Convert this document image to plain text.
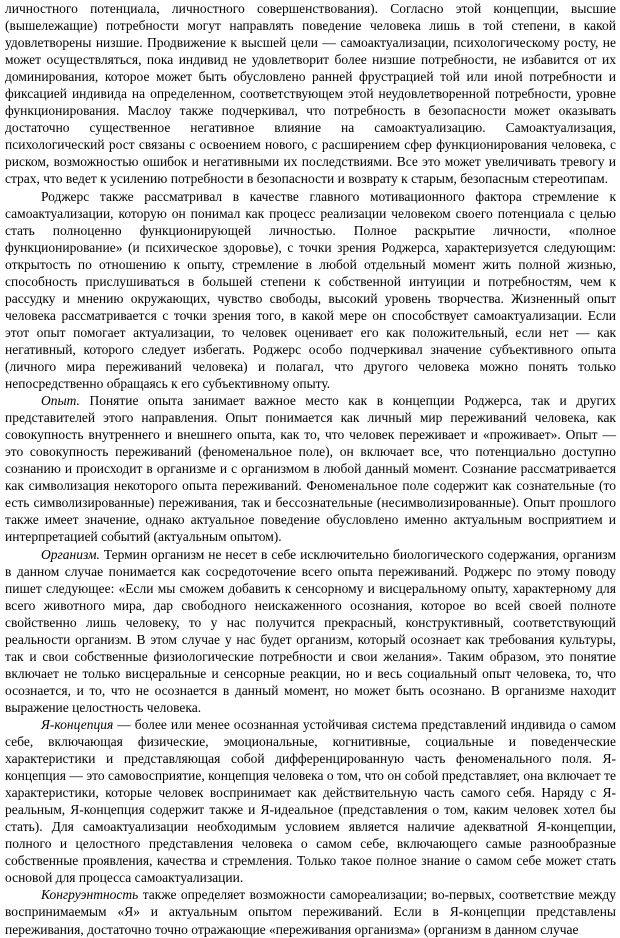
личностного потенциала, личностного совершенствования). Согласно этой концепции, высшие (вышележащие) потребности могут направлять поведение человека лишь в той степени, в какой удовлетворены низшие. Продвижение к высшей цели — самоактуализации, психологическому росту, не может осуществляться, пока индивид не удовлетворит более низшие потребности, не избавится от их доминирования, которое может быть обусловлено ранней фрустрацией той или иной потребности и фиксацией индивида на определенном, соответствующем этой неудовлетворенной потребности, уровне функционирования. Маслоу также подчеркивал, что потребность в безопасности может оказывать достаточно существенное негативное влияние на самоактуализацию. Самоактуализация, психологический рост связаны с освоением нового, с расширением сфер функционирования человека, с риском, возможностью ошибок и негативными их последствиями. Все это может увеличивать тревогу и страх, что ведет к усилению потребности в безопасности и возврату к старым, безопасным стереотипам.

Роджерс также рассматривал в качестве главного мотивационного фактора стремление к самоактуализации, которую он понимал как процесс реализации человеком своего потенциала с целью стать полноценно функционирующей личностью. Полное раскрытие личности, «полное функционирование» (и психическое здоровье), с точки зрения Роджерса, характеризуется следующим: открытость по отношению к опыту, стремление в любой отдельный момент жить полной жизнью, способность прислушиваться в большей степени к собственной интуиции и потребностям, чем к рассудку и мнению окружающих, чувство свободы, высокий уровень творчества. Жизненный опыт человека рассматривается с точки зрения того, в какой мере он способствует самоактуализации. Если этот опыт помогает актуализации, то человек оценивает его как положительный, если нет — как негативный, которого следует избегать. Роджерс особо подчеркивал значение субъективного опыта (личного мира переживаний человека) и полагал, что другого человека можно понять только непосредственно обращаясь к его субъективному опыту.

Опыт. Понятие опыта занимает важное место как в концепции Роджерса, так и других представителей этого направления. Опыт понимается как личный мир переживаний человека, как совокупность внутреннего и внешнего опыта, как то, что человек переживает и «проживает». Опыт — это совокупность переживаний (феноменальное поле), он включает все, что потенциально доступно сознанию и происходит в организме и с организмом в любой данный момент. Сознание рассматривается как символизация некоторого опыта переживаний. Феноменальное поле содержит как сознательные (то есть символизированные) переживания, так и бессознательные (несимволизированные). Опыт прошлого также имеет значение, однако актуальное поведение обусловлено именно актуальным восприятием и интерпретацией событий (актуальным опытом).

Организм. Термин организм не несет в себе исключительно биологического содержания, организм в данном случае понимается как сосредоточение всего опыта переживаний. Роджерс по этому поводу пишет следующее: «Если мы сможем добавить к сенсорному и висцеральному опыту, характерному для всего животного мира, дар свободного неискаженного осознания, которое во всей своей полноте свойственно лишь человеку, то у нас получится прекрасный, конструктивный, соответствующий реальности организм. В этом случае у нас будет организм, который осознает как требования культуры, так и свои собственные физиологические потребности и свои желания». Таким образом, это понятие включает не только висцеральные и сенсорные реакции, но и весь социальный опыт человека, то, что осознается, и то, что не осознается в данный момент, но может быть осознано. В организме находит выражение целостность человека.

Я-концепция — более или менее осознанная устойчивая система представлений индивида о самом себе, включающая физические, эмоциональные, когнитивные, социальные и поведенческие характеристики и представляющая собой дифференцированную часть феноменального поля. Я-концепция — это самовосприятие, концепция человека о том, что он собой представляет, она включает те характеристики, которые человек воспринимает как действительную часть самого себя. Наряду с Я-реальным, Я-концепция содержит также и Я-идеальное (представления о том, каким человек хотел бы стать). Для самоактуализации необходимым условием является наличие адекватной Я-концепции, полного и целостного представления человека о самом себе, включающего самые разнообразные собственные проявления, качества и стремления. Только такое полное знание о самом себе может стать основой для процесса самоактуализации.

Конгруэнтность также определяет возможности самореализации; во-первых, соответствие между воспринимаемым «Я» и актуальным опытом переживаний. Если в Я-концепции представлены переживания, достаточно точно отражающие «переживания организма» (организм в данном случае
